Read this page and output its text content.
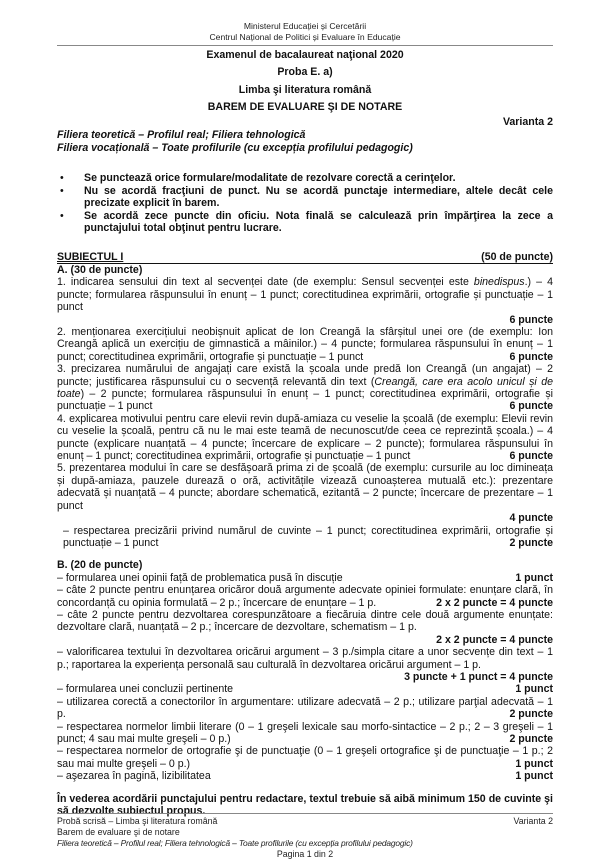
Ministerul Educației și Cercetării
Centrul Național de Politici și Evaluare în Educație
Examenul de bacalaureat naţional 2020
Proba E. a)
Limba şi literatura română
BAREM DE EVALUARE ŞI DE NOTARE
Varianta 2
Filiera teoretică – Profilul real; Filiera tehnologică
Filiera vocațională – Toate profilurile (cu excepția profilului pedagogic)
• Se punctează orice formulare/modalitate de rezolvare corectă a cerinţelor.
• Nu se acordă fracţiuni de punct. Nu se acordă punctaje intermediare, altele decât cele precizate explicit în barem.
• Se acordă zece puncte din oficiu. Nota finală se calculează prin împărţirea la zece a punctajului total obţinut pentru lucrare.
SUBIECTUL I	(50 de puncte)
A. (30 de puncte)
1. indicarea sensului din text al secvenței date (de exemplu: Sensul secvenței este binedispus.) – 4 puncte; formularea răspunsului în enunț – 1 punct; corectitudinea exprimării, ortografie și punctuație – 1 punct
6 puncte
2. menționarea exercițiului neobișnuit aplicat de Ion Creangă la sfârșitul unei ore (de exemplu: Ion Creangă aplică un exercițiu de gimnastică a mâinilor.) – 4 puncte; formularea răspunsului în enunț – 1 punct; corectitudinea exprimării, ortografie și punctuație – 1 punct	6 puncte
3. precizarea numărului de angajați care există la școala unde predă Ion Creangă (un angajat) – 2 puncte; justificarea răspunsului cu o secvență relevantă din text (Creangă, care era acolo unicul și de toate) – 2 puncte; formularea răspunsului în enunț – 1 punct; corectitudinea exprimării, ortografie și punctuație – 1 punct	6 puncte
4. explicarea motivului pentru care elevii revin după-amiaza cu veselie la școală (de exemplu: Elevii revin cu veselie la școală, pentru că nu le mai este teamă de necunoscut/de ceea ce reprezintă școala.) – 4 puncte (explicare nuanțată – 4 puncte; încercare de explicare – 2 puncte); formularea răspunsului în enunț – 1 punct; corectitudinea exprimării, ortografie și punctuație – 1 punct	6 puncte
5. prezentarea modului în care se desfășoară prima zi de școală (de exemplu: cursurile au loc dimineața și după-amiaza, pauzele durează o oră, activitățile vizează cunoașterea mutuală etc.): prezentare adecvată și nuanțată – 4 puncte; abordare schematică, ezitantă – 2 puncte; încercare de prezentare – 1 punct
4 puncte
– respectarea precizării privind numărul de cuvinte – 1 punct; corectitudinea exprimării, ortografie și punctuație – 1 punct	2 puncte
B. (20 de puncte)
– formularea unei opinii față de problematica pusă în discuție	1 punct
– câte 2 puncte pentru enunțarea oricăror două argumente adecvate opiniei formulate: enunțare clară, în concordanță cu opinia formulată – 2 p.; încercare de enunțare – 1 p.	2 x 2 puncte = 4 puncte
– câte 2 puncte pentru dezvoltarea corespunzătoare a fiecăruia dintre cele două argumente enunțate: dezvoltare clară, nuanțată – 2 p.; încercare de dezvoltare, schematism – 1 p.
2 x 2 puncte = 4 puncte
– valorificarea textului în dezvoltarea oricărui argument – 3 p./simpla citare a unor secvențe din text – 1 p.; raportarea la experiența personală sau culturală în dezvoltarea oricărui argument – 1 p.
3 puncte + 1 punct = 4 puncte
– formularea unei concluzii pertinente	1 punct
– utilizarea corectă a conectorilor în argumentare: utilizare adecvată – 2 p.; utilizare parţial adecvată – 1 p.	2 puncte
– respectarea normelor limbii literare (0 – 1 greşeli lexicale sau morfo-sintactice – 2 p.; 2 – 3 greşeli – 1 punct; 4 sau mai multe greşeli – 0 p.)	2 puncte
– respectarea normelor de ortografie şi de punctuaţie (0 – 1 greşeli ortografice şi de punctuaţie – 1 p.; 2 sau mai multe greşeli – 0 p.)	1 punct
– aşezarea în pagină, lizibilitatea	1 punct
În vederea acordării punctajului pentru redactare, textul trebuie să aibă minimum 150 de cuvinte şi să dezvolte subiectul propus.
Probă scrisă – Limba şi literatura română	Varianta 2
Barem de evaluare şi de notare
Filiera teoretică – Profilul real; Filiera tehnologică – Toate profilurile (cu excepția profilului pedagogic)
Pagina 1 din 2
